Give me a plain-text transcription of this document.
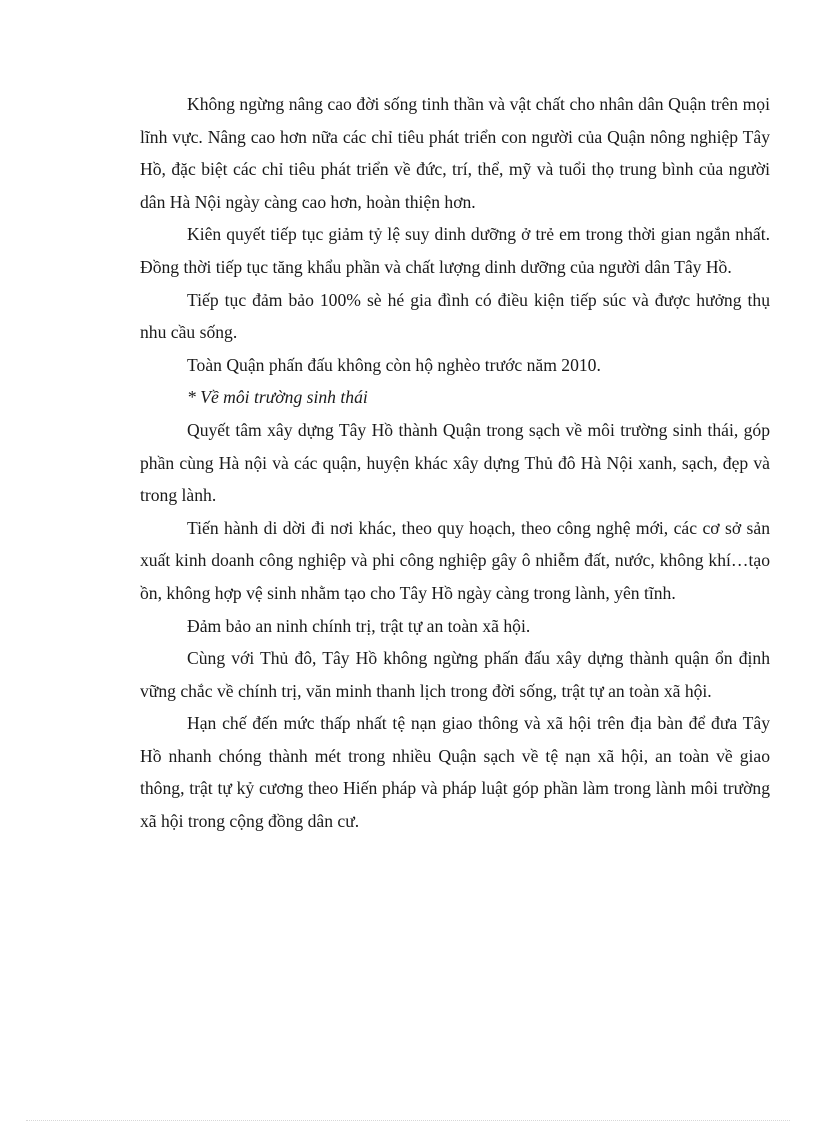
Không ngừng nâng cao đời sống tinh thần và vật chất cho nhân dân Quận trên mọi lĩnh vực. Nâng cao hơn nữa các chỉ tiêu phát triển con người của Quận nông nghiệp Tây Hồ, đặc biệt các chỉ tiêu phát triển về đức, trí, thể, mỹ và tuổi thọ trung bình của người dân Hà Nội ngày càng cao hơn, hoàn thiện hơn.

Kiên quyết tiếp tục giảm tỷ lệ suy dinh dưỡng ở trẻ em trong thời gian ngắn nhất. Đồng thời tiếp tục tăng khẩu phần và chất lượng dinh dưỡng của người dân Tây Hồ.

Tiếp tục đảm bảo 100% sè hé gia đình có điều kiện tiếp súc và được hưởng thụ nhu cầu sống.

Toàn Quận phấn đấu không còn hộ nghèo trước năm 2010.

* Về môi trường sinh thái

Quyết tâm xây dựng Tây Hồ thành Quận trong sạch về môi trường sinh thái, góp phần cùng Hà nội và các quận, huyện khác xây dựng Thủ đô Hà Nội xanh, sạch, đẹp và trong lành.

Tiến hành di dời đi nơi khác, theo quy hoạch, theo công nghệ mới, các cơ sở sản xuất kinh doanh công nghiệp và phi công nghiệp gây ô nhiễm đất, nước, không khí…tạo ồn, không hợp vệ sinh nhằm tạo cho Tây Hồ ngày càng trong lành, yên tĩnh.

Đảm bảo an ninh chính trị, trật tự an toàn xã hội.

Cùng với Thủ đô, Tây Hồ không ngừng phấn đấu xây dựng thành quận ổn định vững chắc về chính trị, văn minh thanh lịch trong đời sống, trật tự an toàn xã hội.

Hạn chế đến mức thấp nhất tệ nạn giao thông và xã hội trên địa bàn để đưa Tây Hồ nhanh chóng thành mét trong nhiều Quận sạch về tệ nạn xã hội, an toàn về giao thông, trật tự kỷ cương theo Hiến pháp và pháp luật góp phần làm trong lành môi trường xã hội trong cộng đồng dân cư.
